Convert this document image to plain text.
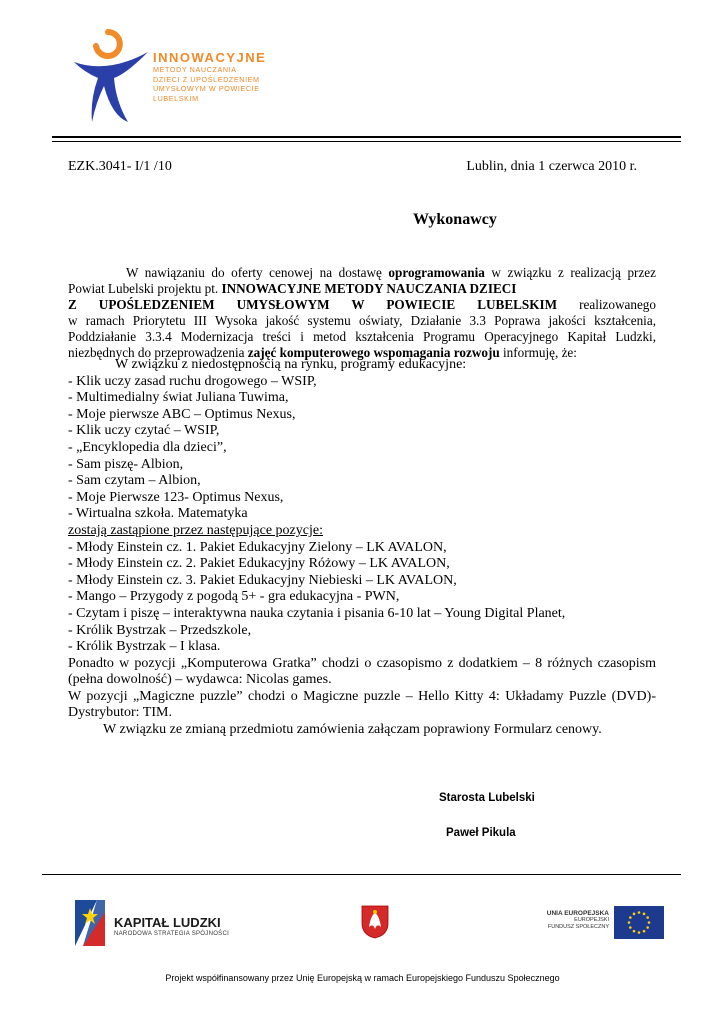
INNOWACYJNE
METODY NAUCZANIA
DZIECI Z UPOŚLEDZENIEM
UMYSŁOWYM W POWIECIE
LUBELSKIM
EZK.3041- I/1 /10	Lublin, dnia 1 czerwca 2010 r.
Wykonawcy

W nawiązaniu do oferty cenowej na dostawę oprogramowania w związku z realizacją przez Powiat Lubelski projektu pt. INNOWACYJNE METODY NAUCZANIA DZIECI

Z UPOŚLEDZENIEM UMYSŁOWYM W POWIECIE LUBELSKIM realizowanego

w ramach Priorytetu III Wysoka jakość systemu oświaty, Działanie 3.3 Poprawa jakości kształcenia, Poddziałanie 3.3.4 Modernizacja treści i metod kształcenia Programu Operacyjnego Kapitał Ludzki, niezbędnych do przeprowadzenia zajęć komputerowego wspomagania rozwoju informuję, że:

W związku z niedostępnością na rynku, programy edukacyjne:

- Klik uczy zasad ruchu drogowego – WSIP,

- Multimedialny świat Juliana Tuwima,

- Moje pierwsze ABC – Optimus Nexus,

- Klik uczy czytać – WSIP,

- „Encyklopedia dla dzieci”,

- Sam piszę- Albion,

- Sam czytam – Albion,

- Moje Pierwsze 123- Optimus Nexus,

- Wirtualna szkoła. Matematyka

zostają zastąpione przez następujące pozycje:

- Młody Einstein cz. 1. Pakiet Edukacyjny Zielony – LK AVALON,

- Młody Einstein cz. 2. Pakiet Edukacyjny Różowy – LK AVALON,

- Młody Einstein cz. 3. Pakiet Edukacyjny Niebieski – LK AVALON,

- Mango – Przygody z pogodą 5+ - gra edukacyjna - PWN,

- Czytam i piszę – interaktywna nauka czytania i pisania 6-10 lat – Young Digital Planet,

- Królik Bystrzak – Przedszkole,

- Królik Bystrzak – I klasa.

Ponadto w pozycji „Komputerowa Gratka” chodzi o czasopismo z dodatkiem – 8 różnych czasopism (pełna dowolność) – wydawca: Nicolas games.

W pozycji „Magiczne puzzle” chodzi o Magiczne puzzle – Hello Kitty 4: Układamy Puzzle (DVD)- Dystrybutor: TIM.

W związku ze zmianą przedmiotu zamówienia załączam poprawiony Formularz cenowy.

Starosta Lubelski
Paweł Pikula
KAPITAŁ LUDZKI
NARODOWA STRATEGIA SPÓJNOŚCI
UNIA EUROPEJSKA
EUROPEJSKI
FUNDUSZ SPOŁECZNY
Projekt współfinansowany przez Unię Europejską w ramach Europejskiego Funduszu Społecznego
